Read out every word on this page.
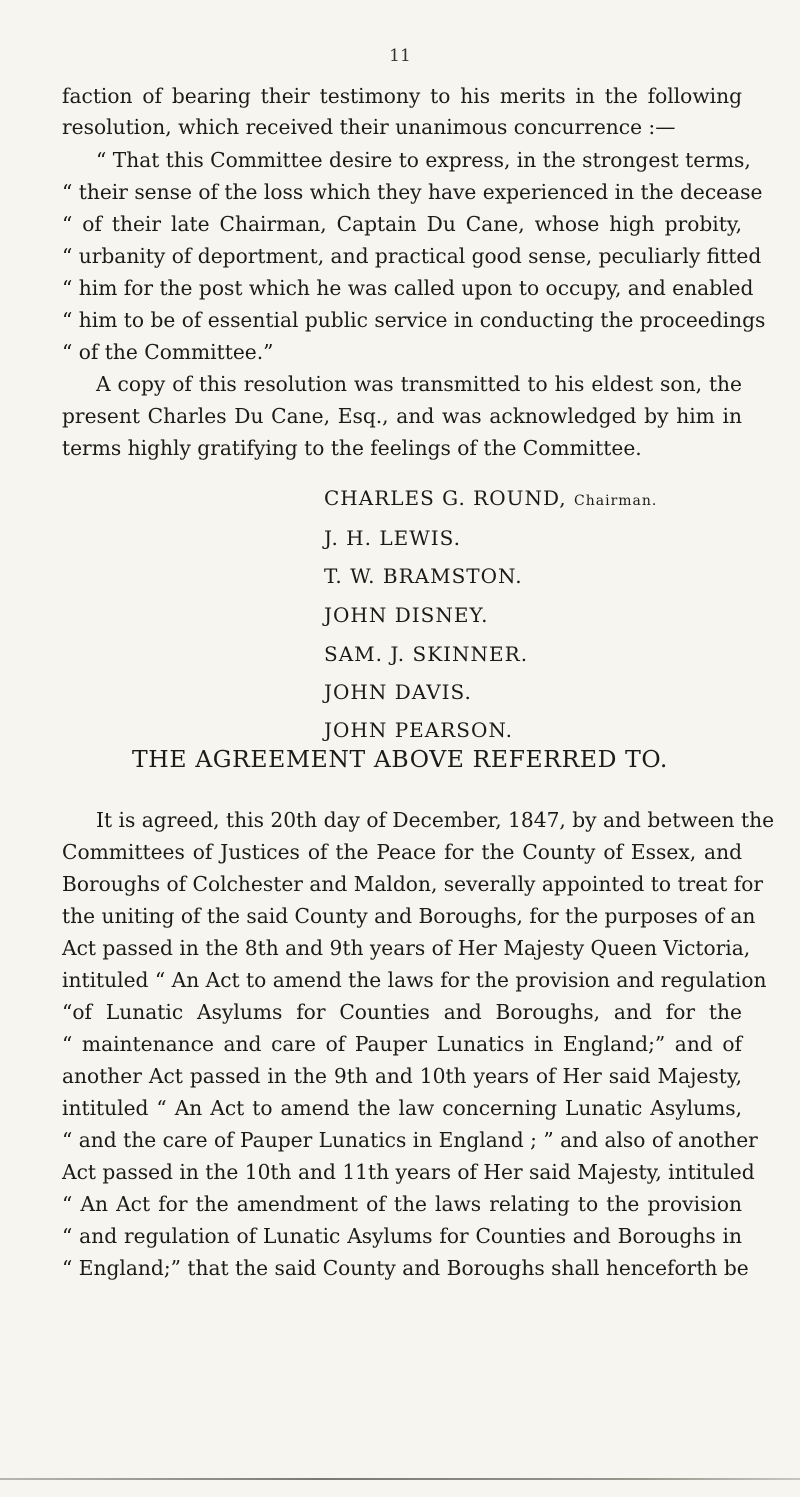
11
faction of bearing their testimony to his merits in the following
resolution, which received their unanimous concurrence :—
“ That this Committee desire to express, in the strongest terms,
“ their sense of the loss which they have experienced in the decease
“ of their late Chairman, Captain Du Cane, whose high probity,
“ urbanity of deportment, and practical good sense, peculiarly fitted
“ him for the post which he was called upon to occupy, and enabled
“ him to be of essential public service in conducting the proceedings
“ of the Committee.”
A copy of this resolution was transmitted to his eldest son, the
present Charles Du Cane, Esq., and was acknowledged by him in
terms highly gratifying to the feelings of the Committee.
CHARLES G. ROUND, Chairman.
J. H. LEWIS.
T. W. BRAMSTON.
JOHN DISNEY.
SAM. J. SKINNER.
JOHN DAVIS.
JOHN PEARSON.
THE AGREEMENT ABOVE REFERRED TO.
It is agreed, this 20th day of December, 1847, by and between the
Committees of Justices of the Peace for the County of Essex, and
Boroughs of Colchester and Maldon, severally appointed to treat for
the uniting of the said County and Boroughs, for the purposes of an
Act passed in the 8th and 9th years of Her Majesty Queen Victoria,
intituled “ An Act to amend the laws for the provision and regulation
“of Lunatic Asylums for Counties and Boroughs, and for the
“ maintenance and care of Pauper Lunatics in England;” and of
another Act passed in the 9th and 10th years of Her said Majesty,
intituled “ An Act to amend the law concerning Lunatic Asylums,
“ and the care of Pauper Lunatics in England ; ” and also of another
Act passed in the 10th and 11th years of Her said Majesty, intituled
“ An Act for the amendment of the laws relating to the provision
“ and regulation of Lunatic Asylums for Counties and Boroughs in
“ England;” that the said County and Boroughs shall henceforth be
